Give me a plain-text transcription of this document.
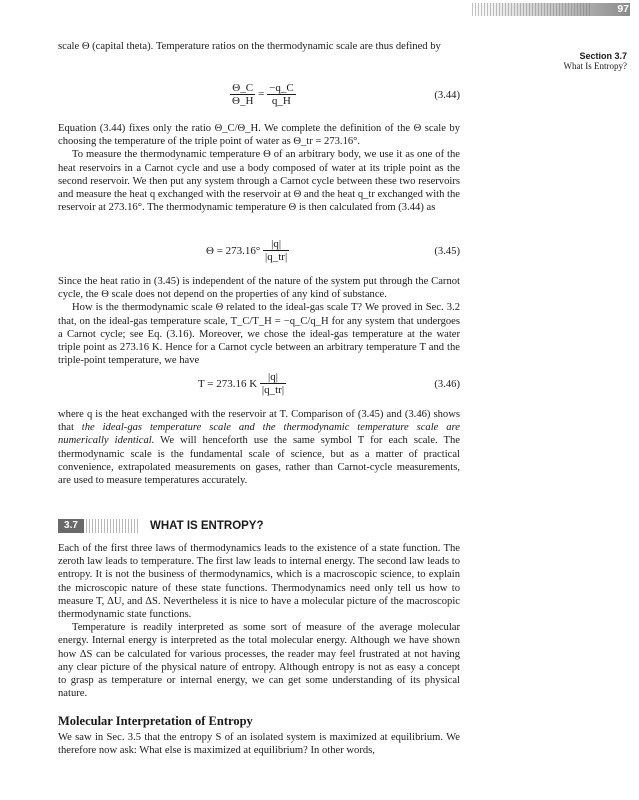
97
Section 3.7
What Is Entropy?

scale Θ (capital theta). Temperature ratios on the thermodynamic scale are thus defined by

$\frac{\Theta\_C}{\Theta\_H} = \frac{-q\_C}{q\_H}$	(3.44)

Equation (3.44) fixes only the ratio Θ_C/Θ_H. We complete the definition of the Θ scale by choosing the temperature of the triple point of water as Θ_tr = 273.16°.

To measure the thermodynamic temperature Θ of an arbitrary body, we use it as one of the heat reservoirs in a Carnot cycle and use a body composed of water at its triple point as the second reservoir. We then put any system through a Carnot cycle between these two reservoirs and measure the heat q exchanged with the reservoir at Θ and the heat q_tr exchanged with the reservoir at 273.16°. The thermodynamic temperature Θ is then calculated from (3.44) as

$\Theta = 273.16^\circ \frac{|q|}{|q\_tr|}$	(3.45)

Since the heat ratio in (3.45) is independent of the nature of the system put through the Carnot cycle, the Θ scale does not depend on the properties of any kind of substance.

How is the thermodynamic scale Θ related to the ideal-gas scale T? We proved in Sec. 3.2 that, on the ideal-gas temperature scale, T_C/T_H = −q_C/q_H for any system that undergoes a Carnot cycle; see Eq. (3.16). Moreover, we chose the ideal-gas temperature at the water triple point as 273.16 K. Hence for a Carnot cycle between an arbitrary temperature T and the triple-point temperature, we have

T = 273.16 K $\frac{|q|}{|q\_tr|}$	(3.46)

where q is the heat exchanged with the reservoir at T. Comparison of (3.45) and (3.46) shows that the ideal-gas temperature scale and the thermodynamic temperature scale are numerically identical. We will henceforth use the same symbol T for each scale. The thermodynamic scale is the fundamental scale of science, but as a matter of practical convenience, extrapolated measurements on gases, rather than Carnot-cycle measurements, are used to measure temperatures accurately.

3.7	WHAT IS ENTROPY?

Each of the first three laws of thermodynamics leads to the existence of a state function. The zeroth law leads to temperature. The first law leads to internal energy. The second law leads to entropy. It is not the business of thermodynamics, which is a macroscopic science, to explain the microscopic nature of these state functions. Thermodynamics need only tell us how to measure T, ΔU, and ΔS. Nevertheless it is nice to have a molecular picture of the macroscopic thermodynamic state functions.

Temperature is readily interpreted as some sort of measure of the average molecular energy. Internal energy is interpreted as the total molecular energy. Although we have shown how ΔS can be calculated for various processes, the reader may feel frustrated at not having any clear picture of the physical nature of entropy. Although entropy is not as easy a concept to grasp as temperature or internal energy, we can get some understanding of its physical nature.

Molecular Interpretation of Entropy

We saw in Sec. 3.5 that the entropy S of an isolated system is maximized at equilibrium. We therefore now ask: What else is maximized at equilibrium? In other words,
